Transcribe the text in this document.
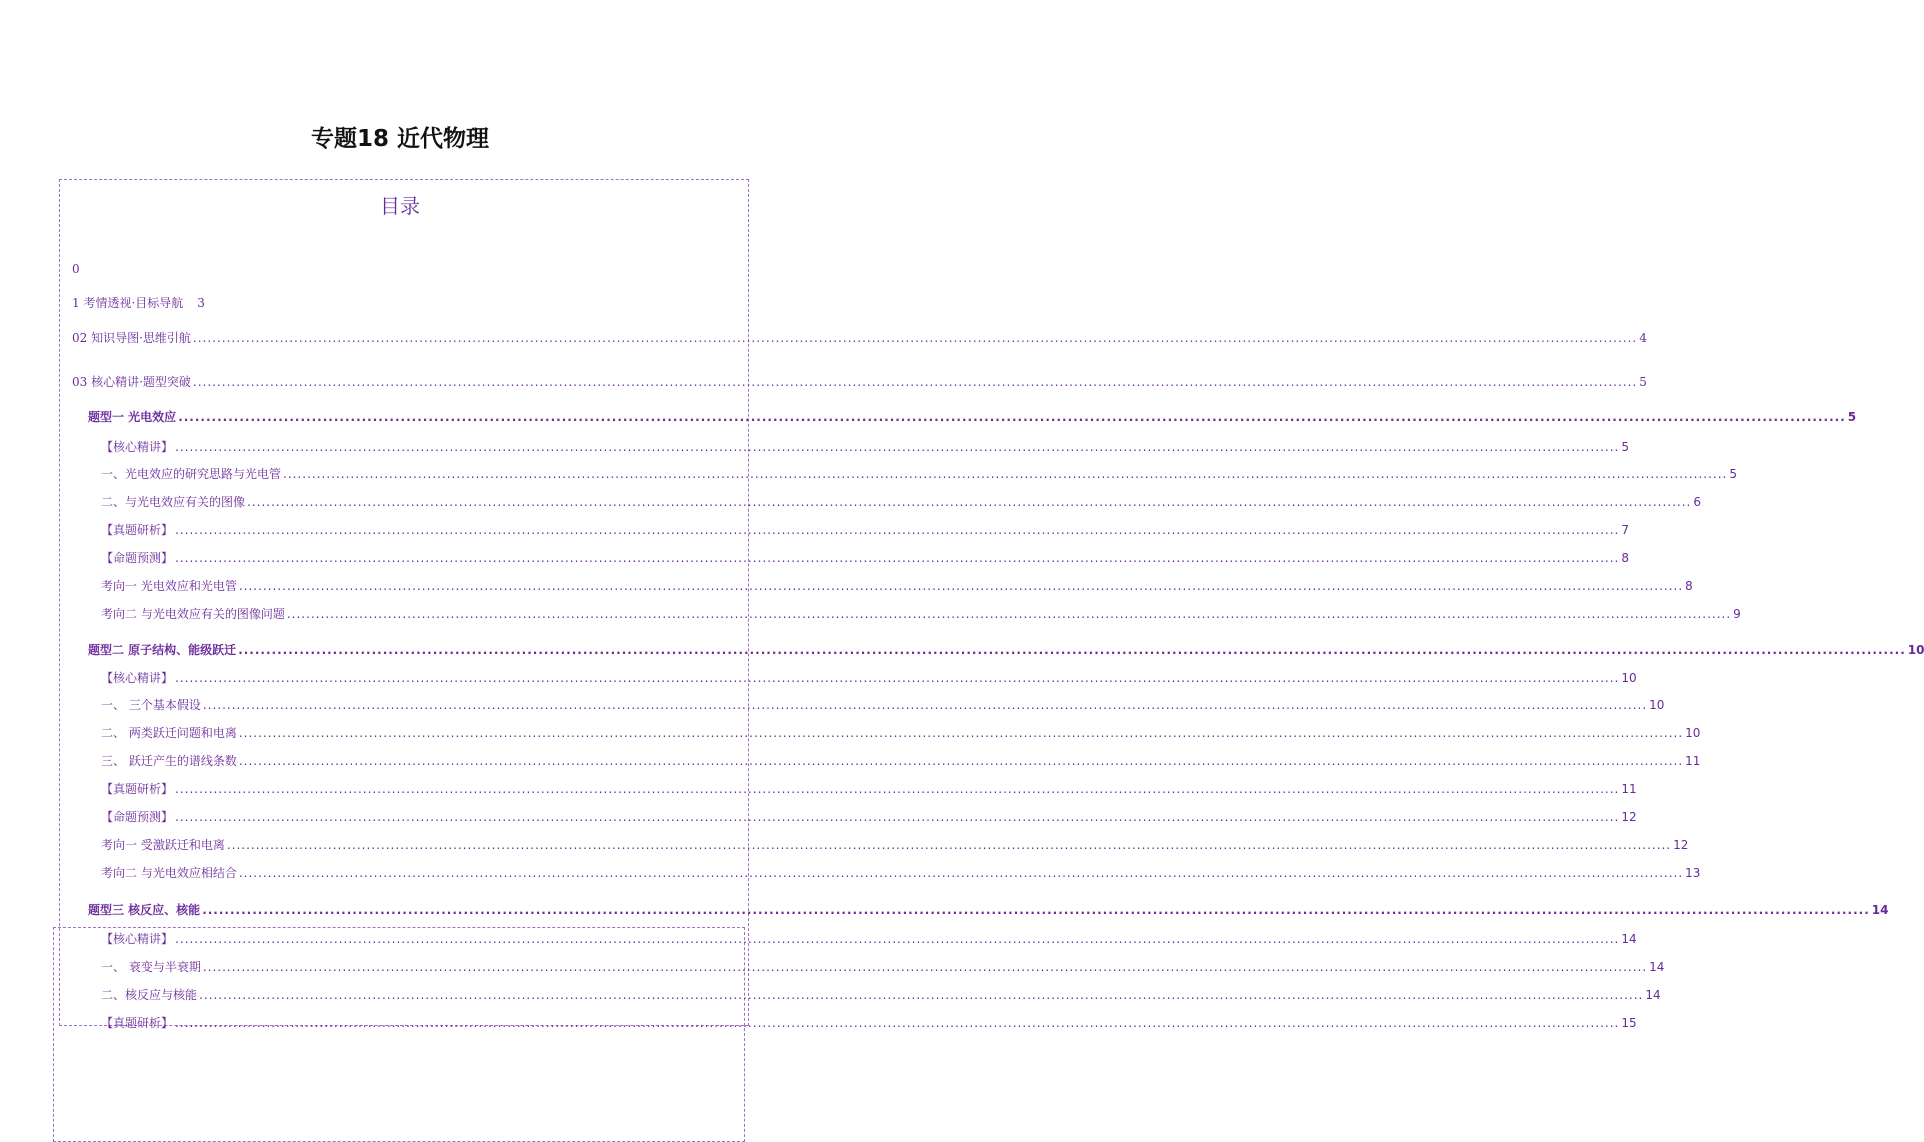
专题18 近代物理
目录
0
1 考情透视·目标导航 3
02 知识导图·思维引航 ............................................................................................................................................................................................................................................................................................................ 4
03 核心精讲·题型突破 ............................................................................................................................................................................................................................................................................................................ 5
题型一 光电效应 ............................................................................................................................................................................................................................................................................................................ 5
【核心精讲】 ............................................................................................................................................................................................................................................................................................................ 5
一、光电效应的研究思路与光电管 ............................................................................................................................................................................................................................................................................................................ 5
二、与光电效应有关的图像 ............................................................................................................................................................................................................................................................................................................ 6
【真题研析】 ............................................................................................................................................................................................................................................................................................................ 7
【命题预测】 ............................................................................................................................................................................................................................................................................................................ 8
考向一 光电效应和光电管 ............................................................................................................................................................................................................................................................................................................ 8
考向二 与光电效应有关的图像问题 ............................................................................................................................................................................................................................................................................................................ 9
题型二 原子结构、能级跃迁 ............................................................................................................................................................................................................................................................................................................ 10
【核心精讲】 ............................................................................................................................................................................................................................................................................................................ 10
一、 三个基本假设 ............................................................................................................................................................................................................................................................................................................ 10
二、 两类跃迁问题和电离 ............................................................................................................................................................................................................................................................................................................ 10
三、 跃迁产生的谱线条数 ............................................................................................................................................................................................................................................................................................................ 11
【真题研析】 ............................................................................................................................................................................................................................................................................................................ 11
【命题预测】 ............................................................................................................................................................................................................................................................................................................ 12
考向一 受激跃迁和电离 ............................................................................................................................................................................................................................................................................................................ 12
考向二 与光电效应相结合 ............................................................................................................................................................................................................................................................................................................ 13
题型三 核反应、核能 ............................................................................................................................................................................................................................................................................................................ 14
【核心精讲】 ............................................................................................................................................................................................................................................................................................................ 14
一、 衰变与半衰期 ............................................................................................................................................................................................................................................................................................................ 14
二、核反应与核能 ............................................................................................................................................................................................................................................................................................................ 14
【真题研析】 ............................................................................................................................................................................................................................................................................................................ 15
